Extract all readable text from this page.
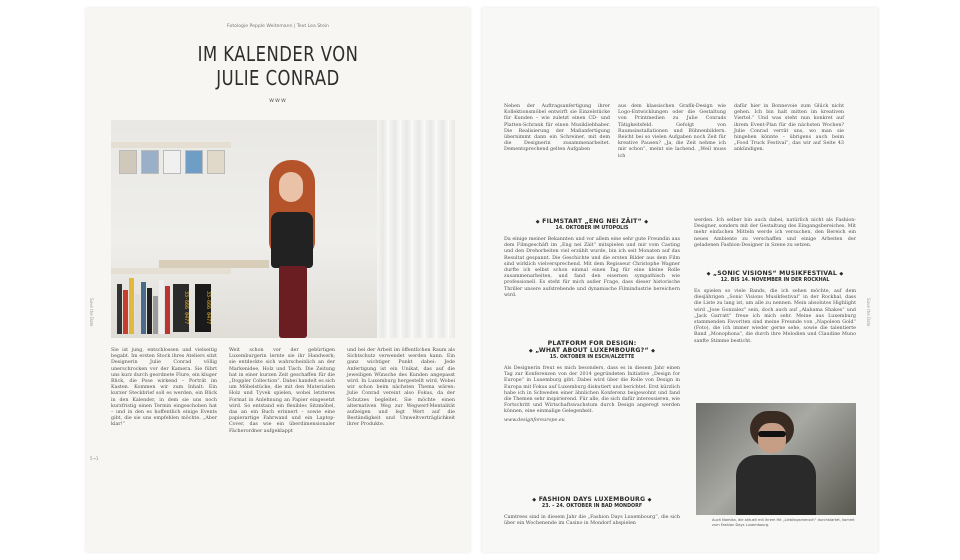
Fotologie Pepple Weitemann | Text Lea Stein
IM KALENDER VON
JULIE CONRAD
www
33-666 0477	33-666 0477
Sie ist jung, entschlossen und vielseitig begabt. Im ersten Stock ihres Ateliers sitzt Designerin Julie Conrad völlig unerschrocken vor der Kamera. Sie führt uns kurz durch geordnete Flure, ein kluger Blick, die Pose wirkend – Porträt im Kasten. Kommen wir zum Inhalt: Ein kurzer Steckbrief soll es werden, ein Blick in den Kalender, in dem sie uns noch kurzfristig einen Termin eingeschoben hat – und in den es hoffentlich einige Events gibt, die sie uns empfehlen möchte. „Aber klar!“
Weit schon vor der gebürtigen Luxemburgerin lernte sie ihr Handwerk; sie entdeckte sich wahrscheinlich an der Markenidee, Holz und Tisch. Die Zeitung hat in einer kurzen Zeit geschaffen für die „Doppler Collection“. Dabei handelt es sich um Möbelstücke, die mit den Materialien Holz und Tyvek spielen, wobei letzteres Format in Anlehnung an Papier eingesetzt wird. So entstand ein flexibles Sitzmöbel, das an ein Buch erinnert – sowie eine papierartige Fahrwand und ein Laptop-Cover, das wie ein überdimensionaler Fächerordner aufgeklappt
und bei der Arbeit im öffentlichen Raum als Sichtschutz verwendet werden kann. Ein ganz wichtiger Punkt dabei: Jede Anfertigung ist ein Unikat, das auf die jeweiligen Wünsche des Kunden angepasst wird. In Luxemburg hergestellt wird, Wobei wir schon beim nächsten Thema wären: Julie Conrad vereint also Fokus, da der Schutzes begleitet. Sie möchte einen alternativen Weg zur Wegwerf-Mentalität aufzeigen und legt Wert auf die Beständigkeit und Umweltverträglichkeit ihrer Produkte.
5→1
Save the Date
Neben der Auftragsanfertigung ihrer Kollektionsmöbel entwirft sie Einzelstücke für Kunden – wie zuletzt einen CD- und Platten-Schrank für einen Musikliebhaber. Die Realisierung der Maßanfertigung übernimmt dann ein Schreiner, mit dem die Designerin zusammenarbeitet. Dementsprechend gelten Aufgaben
aus dem klassischen Grafik-Design wie Logo-Entwicklungen oder die Gestaltung von Printmedien zu Julie Conrads Tätigkeitsfeld. Gefolgt von Raumsinstallationen und Bühnenbildern. Reicht bei so vielen Aufgaben noch Zeit für kreative Pausen? „Ja, die Zeit nehme ich mir schon“, meint sie lachend. „Weil muss ich
dafür hier in Bonnevoie zum Glück nicht gehen. Ich bin halt mitten im kreativen Viertel.“ Und was steht nun konkret auf ihrem Event-Plan für die nächsten Wochen? Julie Conrad verrät uns, wo man sie hingehen könnte – übrigens auch beim „Food Truck Festival“, das wir auf Seite 43 ankündigen.
◆ FILMSTART „ENG NEI ZÄIT“ ◆
14. OKTOBER IM UTOPOLIS
Da einige meiner Bekannten und vor allem eine sehr gute Freundin aus dem Filmgeschäft im „Eng nei Zäit“ mitspielen und mir vom Casting und den Drehorbeiten viel erzählt wurde, bin ich seit Monaten auf das Resultat gespannt. Die Geschichte und die ersten Bilder aus dem Film sind wirklich vielversprechend. Mit dem Regisseur Christophe Wagner durfte ich selbst schon einmal einen Tag für eine kleine Rolle zusammenarbeiten, und fand den eisernen sympathisch wie professionell. Es steht für mich außer Frage, dass dieser historische Thriller unsere aufstrebende und dynamische Filmindustrie bereichern wird.
PLATFORM FOR DESIGN:
◆ „WHAT ABOUT LUXEMBOURG?“ ◆
15. OKTOBER IN ESCH/ALZETTE
Als Designerin freut es mich besonders, dass es in diesem Jahr einen Tag zur Konferenzen von der 2014 gegründeten Initiative „Design for Europe“ in Luxemburg gibt. Dabei wird über die Rolle von Design in Europa mit Fokus auf Luxemburg diskutiert und berichtet. Erst kürzlich habe ich in Schweden einer ähnlichen Konferenz beigewohnt und fand die Themen sehr inspirierend. Für alle, die sich dafür interessieren, wie Fortschritt und Wirtschaftswachstum durch Design angeregt werden können, eine einmalige Gelegenheit.
www.designforeurope.eu
◆ FASHION DAYS LUXEMBOURG ◆
23. – 24. OKTOBER IN BAD MONDORF
Camtrees sind in diesem Jahr die „Fashion Days Luxembourg“, die sich über ein Wochenende im Casino in Mondorf abspielen
werden. Ich selber bin auch dabei, natürlich nicht als Fashion-Designer, sondern mit der Gestaltung des Eingangsbereiches. Mit mehr einfachen Mitteln werde ich versuchen, den Bereich ein neues Ambiente zu verschaffen und einige Arbeiten der geladenen Fashion-Designer in Szene zu setzen.
◆ „SONIC VISIONS“ MUSIKFESTIVAL ◆
12. BIS 14. NOVEMBER IN DER ROCKHAL
Es spielen so viele Bands, die ich sehen möchte, auf dem diesjährigen „Sonic Visions Musikfestival“ in der Rockhal, dass die Liste zu lang ist, um alle zu nennen. Mein absolutes Highlight wird „Jose Gonzalez“ sein, doch auch auf „Alabama Shakes“ und „Jack Garratt“ freue ich mich sehr. Meine aus Luxemburg stammenden Favoriten sind meine Freunde von „Napoleon Gold“ (Foto), die ich immer wieder gerne sehe, sowie die talentierte Band „Monophona“, die durch ihre Melodien und Claudine Muno sanfte Stimme besticht.
Auch Namika, die aktuell mit ihrem Hit „Lieblingsmensch“ durchstartet, kommt zum Fashion Days Luxembourg.
Save the Date
